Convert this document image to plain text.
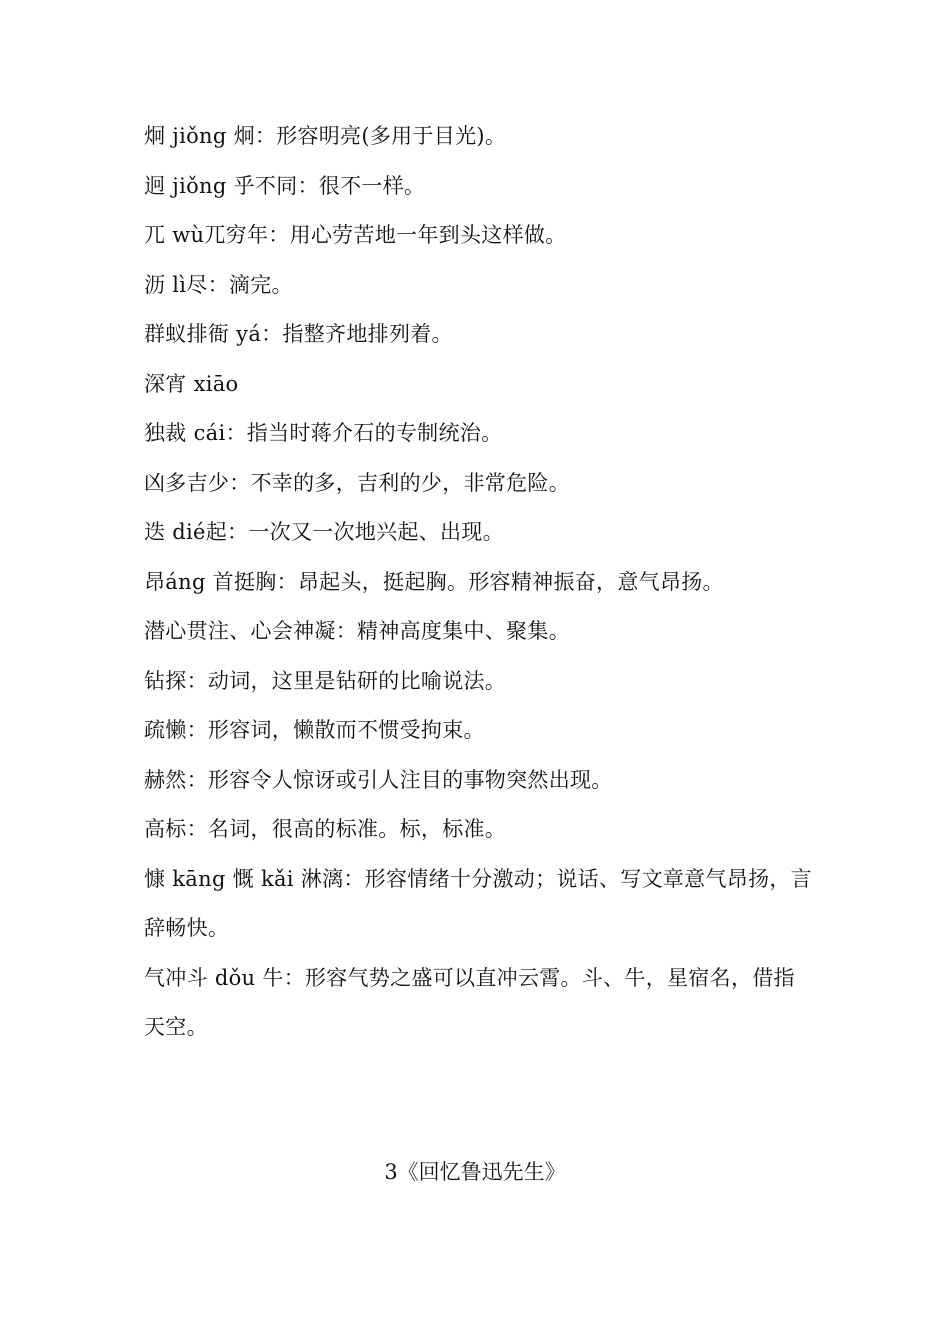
炯 jiǒng 炯：形容明亮(多用于目光)。

迥 jiǒng 乎不同：很不一样。

兀 wù兀穷年：用心劳苦地一年到头这样做。

沥 lì尽：滴完。

群蚁排衙 yá：指整齐地排列着。

深宵 xiāo

独裁 cái：指当时蒋介石的专制统治。

凶多吉少：不幸的多，吉利的少，非常危险。

迭 dié起：一次又一次地兴起、出现。

昂áng 首挺胸：昂起头，挺起胸。形容精神振奋，意气昂扬。

潜心贯注、心会神凝：精神高度集中、聚集。

钻探：动词，这里是钻研的比喻说法。

疏懒：形容词，懒散而不惯受拘束。

赫然：形容令人惊讶或引人注目的事物突然出现。

高标：名词，很高的标准。标，标准。

慷 kāng 慨 kǎi 淋漓：形容情绪十分激动；说话、写文章意气昂扬，言辞畅快。

气冲斗 dǒu 牛：形容气势之盛可以直冲云霄。斗、牛，星宿名，借指天空。

3《回忆鲁迅先生》
